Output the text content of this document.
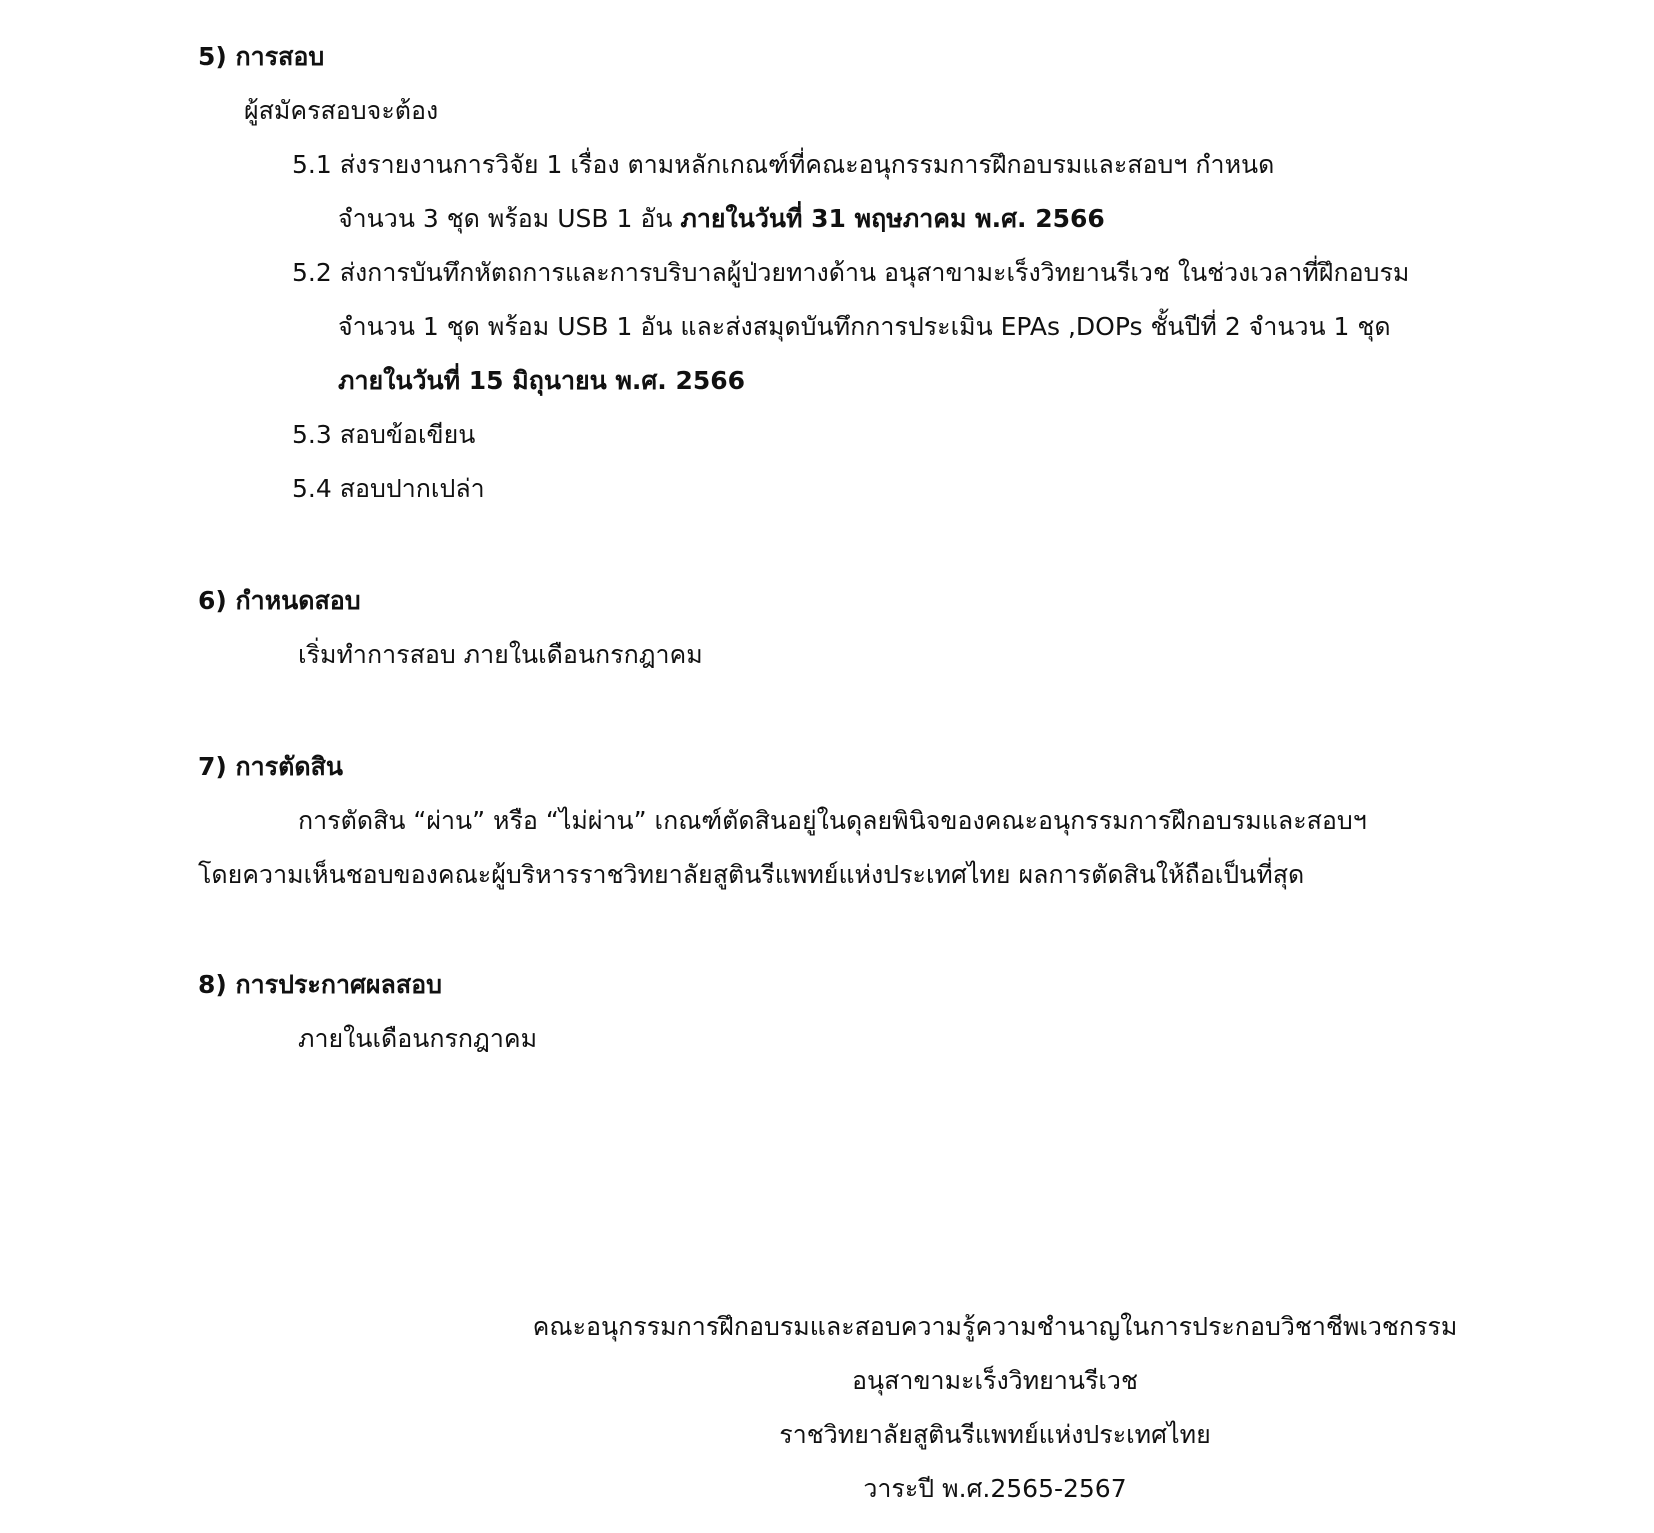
5) การสอบ
ผู้สมัครสอบจะต้อง
5.1 ส่งรายงานการวิจัย 1 เรื่อง ตามหลักเกณฑ์ที่คณะอนุกรรมการฝึกอบรมและสอบฯ กำหนด
จำนวน 3 ชุด พร้อม USB 1 อัน ภายในวันที่ 31 พฤษภาคม พ.ศ. 2566
5.2 ส่งการบันทึกหัตถการและการบริบาลผู้ป่วยทางด้าน อนุสาขามะเร็งวิทยานรีเวช ในช่วงเวลาที่ฝึกอบรม
จำนวน 1 ชุด พร้อม USB 1 อัน และส่งสมุดบันทึกการประเมิน EPAs ,DOPs ชั้นปีที่ 2 จำนวน 1 ชุด
ภายในวันที่ 15 มิถุนายน พ.ศ. 2566
5.3 สอบข้อเขียน
5.4 สอบปากเปล่า
6) กำหนดสอบ
เริ่มทำการสอบ ภายในเดือนกรกฎาคม
7) การตัดสิน
การตัดสิน “ผ่าน” หรือ “ไม่ผ่าน” เกณฑ์ตัดสินอยู่ในดุลยพินิจของคณะอนุกรรมการฝึกอบรมและสอบฯ
โดยความเห็นชอบของคณะผู้บริหารราชวิทยาลัยสูตินรีแพทย์แห่งประเทศไทย ผลการตัดสินให้ถือเป็นที่สุด
8) การประกาศผลสอบ
ภายในเดือนกรกฎาคม
คณะอนุกรรมการฝึกอบรมและสอบความรู้ความชำนาญในการประกอบวิชาชีพเวชกรรม
อนุสาขามะเร็งวิทยานรีเวช
ราชวิทยาลัยสูตินรีแพทย์แห่งประเทศไทย
วาระปี พ.ศ.2565-2567
